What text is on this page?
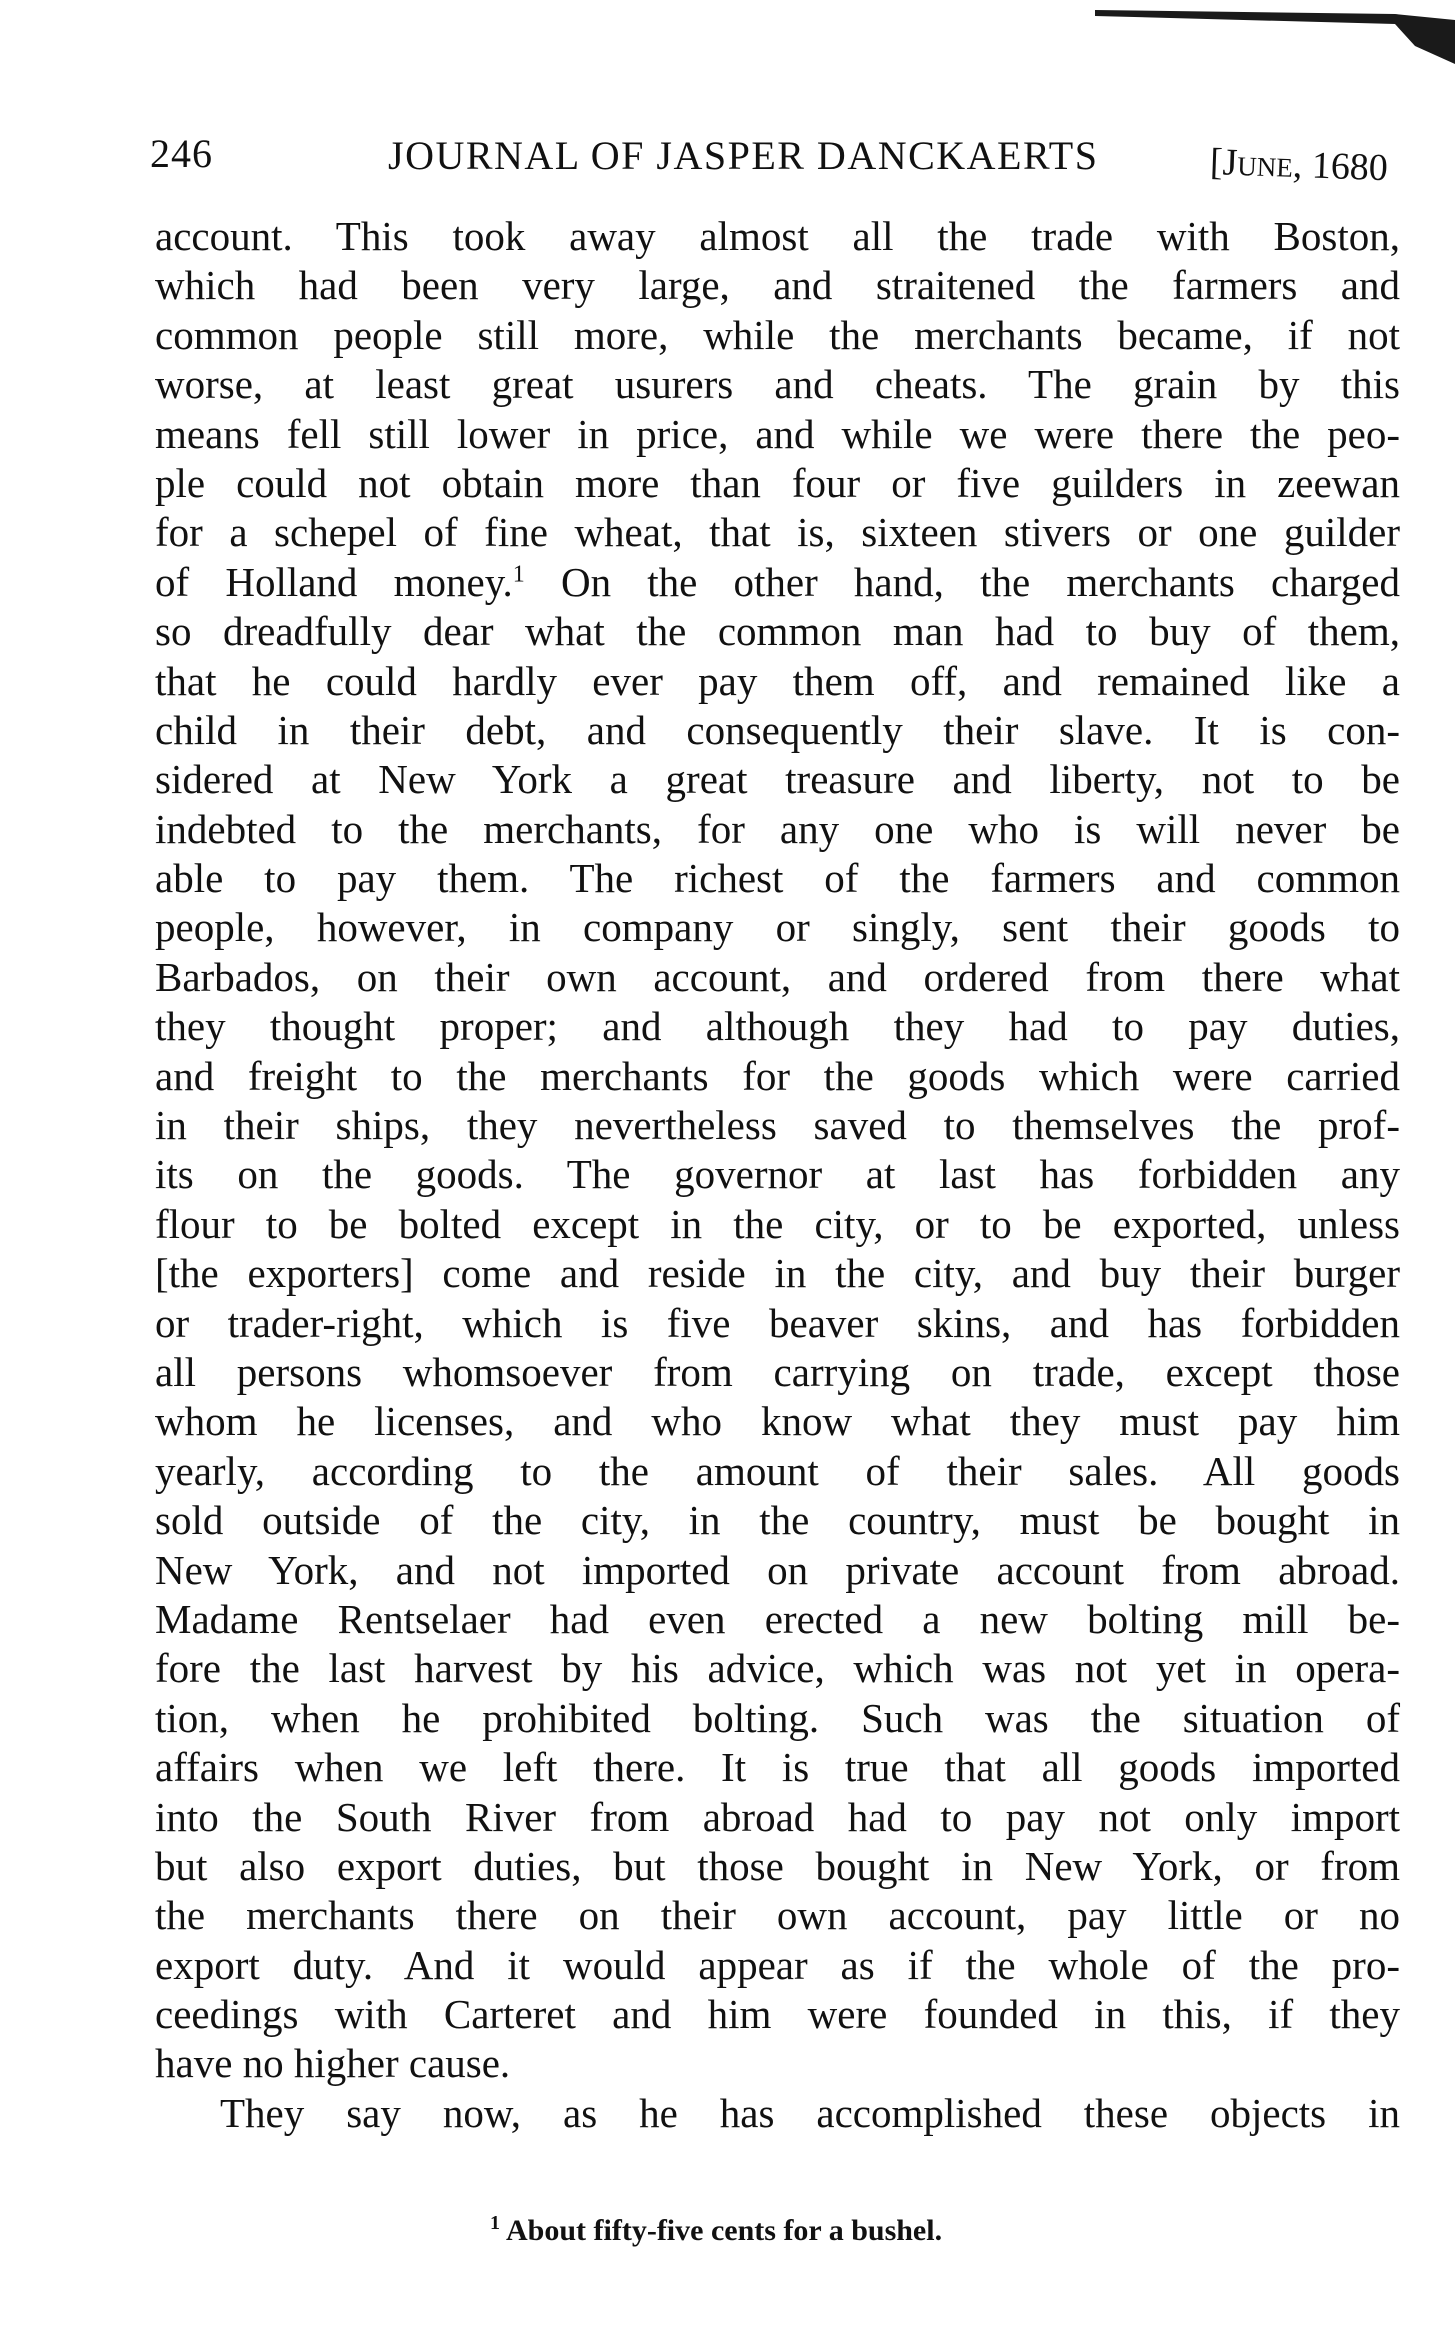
246	JOURNAL OF JASPER DANCKAERTS	[June, 1680
account. This took away almost all the trade with Boston,
which had been very large, and straitened the farmers and
common people still more, while the merchants became, if not
worse, at least great usurers and cheats. The grain by this
means fell still lower in price, and while we were there the peo-
ple could not obtain more than four or five guilders in zeewan
for a schepel of fine wheat, that is, sixteen stivers or one guilder
of Holland money.$^1$ On the other hand, the merchants charged
so dreadfully dear what the common man had to buy of them,
that he could hardly ever pay them off, and remained like a
child in their debt, and consequently their slave. It is con-
sidered at New York a great treasure and liberty, not to be
indebted to the merchants, for any one who is will never be
able to pay them. The richest of the farmers and common
people, however, in company or singly, sent their goods to
Barbados, on their own account, and ordered from there what
they thought proper; and although they had to pay duties,
and freight to the merchants for the goods which were carried
in their ships, they nevertheless saved to themselves the prof-
its on the goods. The governor at last has forbidden any
flour to be bolted except in the city, or to be exported, unless
[the exporters] come and reside in the city, and buy their burger
or trader-right, which is five beaver skins, and has forbidden
all persons whomsoever from carrying on trade, except those
whom he licenses, and who know what they must pay him
yearly, according to the amount of their sales. All goods
sold outside of the city, in the country, must be bought in
New York, and not imported on private account from abroad.
Madame Rentselaer had even erected a new bolting mill be-
fore the last harvest by his advice, which was not yet in opera-
tion, when he prohibited bolting. Such was the situation of
affairs when we left there. It is true that all goods imported
into the South River from abroad had to pay not only import
but also export duties, but those bought in New York, or from
the merchants there on their own account, pay little or no
export duty. And it would appear as if the whole of the pro-
ceedings with Carteret and him were founded in this, if they
have no higher cause.
They say now, as he has accomplished these objects in
$^1$ About fifty-five cents for a bushel.
